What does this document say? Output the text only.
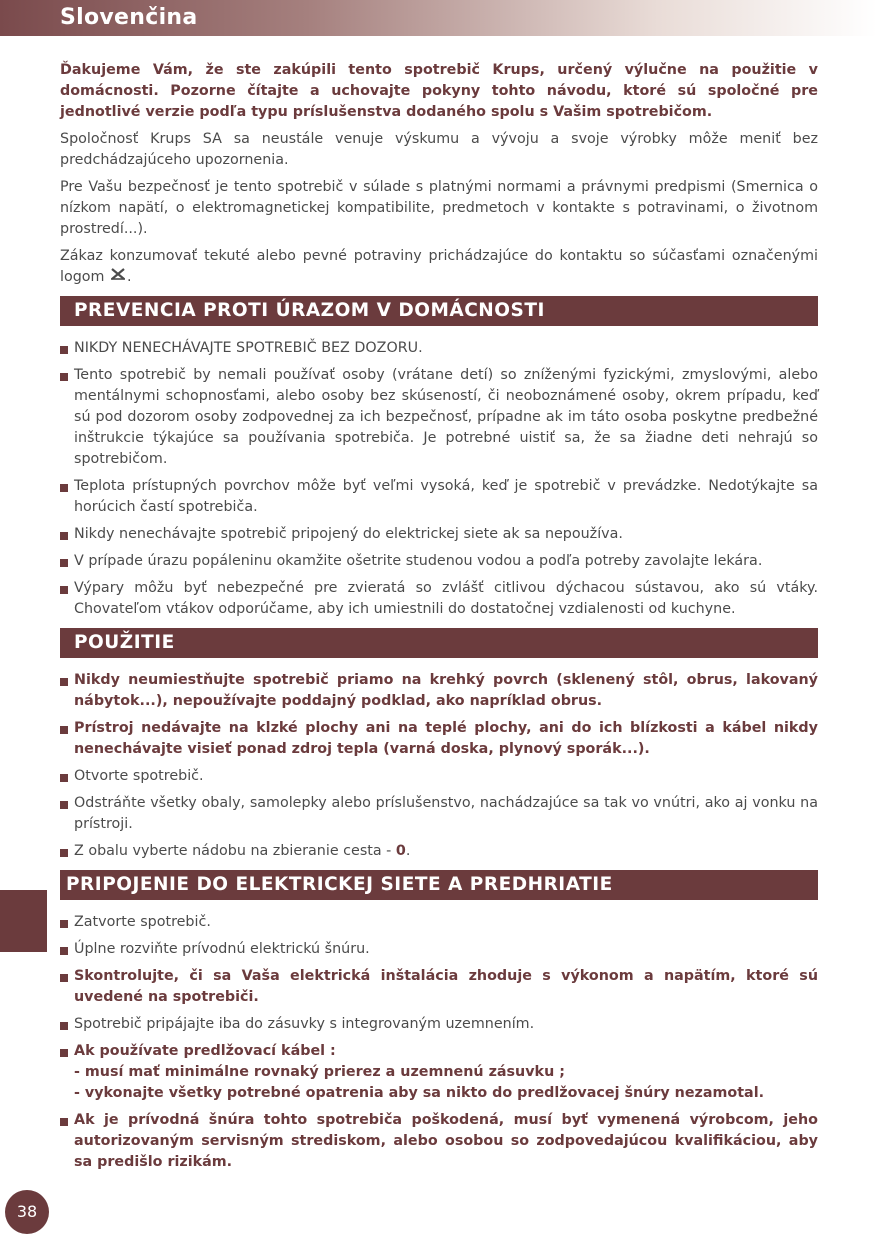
Slovenčina
38

Ďakujeme Vám, že ste zakúpili tento spotrebič Krups, určený výlučne na použitie v domácnosti. Pozorne čítajte a uchovajte pokyny tohto návodu, ktoré sú spoločné pre jednotlivé verzie podľa typu príslušenstva dodaného spolu s Vašim spotrebičom.

Spoločnosť Krups SA sa neustále venuje výskumu a vývoju a svoje výrobky môže meniť bez predchádzajúceho upozornenia.

Pre Vašu bezpečnosť je tento spotrebič v súlade s platnými normami a právnymi predpismi (Smernica o nízkom napätí, o elektromagnetickej kompatibilite, predmetoch v kontakte s potravinami, o životnom prostredí...).

Zákaz konzumovať tekuté alebo pevné potraviny prichádzajúce do kontaktu so súčasťami označenými logom .

PREVENCIA PROTI ÚRAZOM V DOMÁCNOSTI
NIKDY NENECHÁVAJTE SPOTREBIČ BEZ DOZORU.
Tento spotrebič by nemali používať osoby (vrátane detí) so zníženými fyzickými, zmyslovými, alebo mentálnymi schopnosťami, alebo osoby bez skúseností, či neoboznámené osoby, okrem prípadu, keď sú pod dozorom osoby zodpovednej za ich bezpečnosť, prípadne ak im táto osoba poskytne predbežné inštrukcie týkajúce sa používania spotrebiča. Je potrebné uistiť sa, že sa žiadne deti nehrajú so spotrebičom.
Teplota prístupných povrchov môže byť veľmi vysoká, keď je spotrebič v prevádzke. Nedotýkajte sa horúcich častí spotrebiča.
Nikdy nenechávajte spotrebič pripojený do elektrickej siete ak sa nepoužíva.
V prípade úrazu popáleninu okamžite ošetrite studenou vodou a podľa potreby zavolajte lekára.
Výpary môžu byť nebezpečné pre zvieratá so zvlášť citlivou dýchacou sústavou, ako sú vtáky. Chovateľom vtákov odporúčame, aby ich umiestnili do dostatočnej vzdialenosti od kuchyne.
POUŽITIE
Nikdy neumiestňujte spotrebič priamo na krehký povrch (sklenený stôl, obrus, lakovaný nábytok...), nepoužívajte poddajný podklad, ako napríklad obrus.
Prístroj nedávajte na klzké plochy ani na teplé plochy, ani do ich blízkosti a kábel nikdy nenechávajte visieť ponad zdroj tepla (varná doska, plynový sporák...).
Otvorte spotrebič.
Odstráňte všetky obaly, samolepky alebo príslušenstvo, nachádzajúce sa tak vo vnútri, ako aj vonku na prístroji.
Z obalu vyberte nádobu na zbieranie cesta - 0.
PRIPOJENIE DO ELEKTRICKEJ SIETE A PREDHRIATIE
Zatvorte spotrebič.
Úplne rozviňte prívodnú elektrickú šnúru.
Skontrolujte, či sa Vaša elektrická inštalácia zhoduje s výkonom a napätím, ktoré sú uvedené na spotrebiči.
Spotrebič pripájajte iba do zásuvky s integrovaným uzemnením.
Ak používate predlžovací kábel :
- musí mať minimálne rovnaký prierez a uzemnenú zásuvku ;
- vykonajte všetky potrebné opatrenia aby sa nikto do predlžovacej šnúry nezamotal.
Ak je prívodná šnúra tohto spotrebiča poškodená, musí byť vymenená výrobcom, jeho autorizovaným servisným strediskom, alebo osobou so zodpovedajúcou kvalifikáciou, aby sa predišlo rizikám.
